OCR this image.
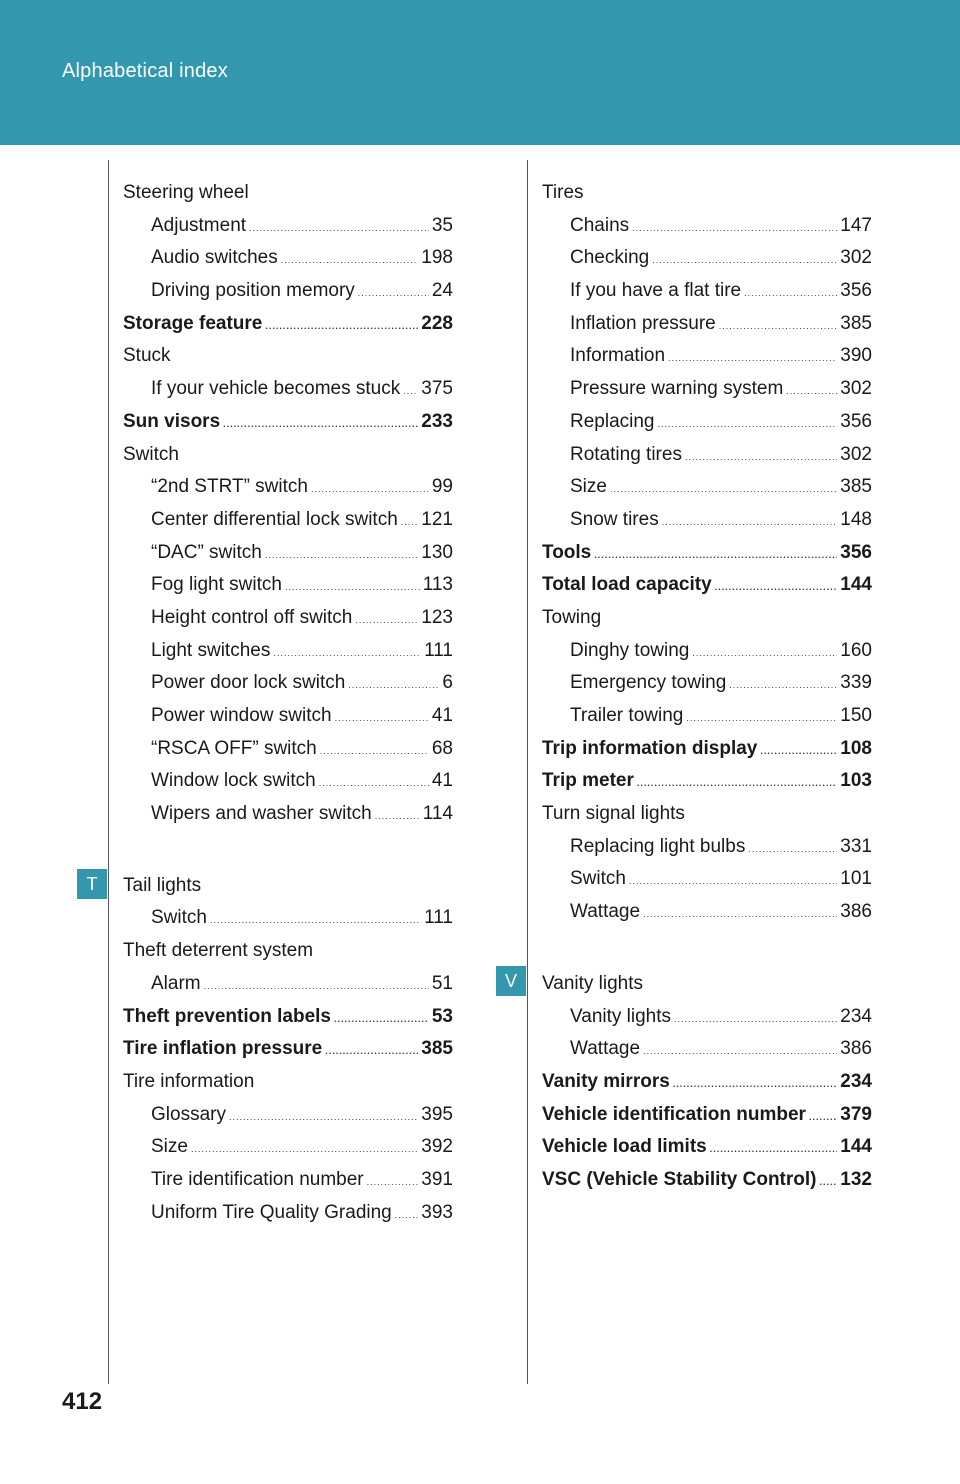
Alphabetical index
Steering wheel
Adjustment .....	35
Audio switches .....	198
Driving position memory .....	24
Storage feature .....	228
Stuck
If your vehicle becomes stuck ..... 375
Sun visors .....	233
Switch
“2nd STRT” switch .....	99
Center differential lock switch ..... 121
“DAC” switch .....	130
Fog light switch .....	113
Height control off switch .....	123
Light switches .....	111
Power door lock switch .....	6
Power window switch .....	41
“RSCA OFF” switch .....	68
Window lock switch .....	41
Wipers and washer switch .....	114
Tail lights
Switch .....	111
Theft deterrent system
Alarm .....	51
Theft prevention labels .....	53
Tire inflation pressure .....	385
Tire information
Glossary .....	395
Size .....	392
Tire identification number .....	391
Uniform Tire Quality Grading ..... 393
Tires
Chains .....	147
Checking .....	302
If you have a flat tire .....	356
Inflation pressure .....	385
Information .....	390
Pressure warning system .....	302
Replacing .....	356
Rotating tires .....	302
Size .....	385
Snow tires .....	148
Tools .....	356
Total load capacity .....	144
Towing
Dinghy towing .....	160
Emergency towing .....	339
Trailer towing .....	150
Trip information display .....	108
Trip meter .....	103
Turn signal lights
Replacing light bulbs .....	331
Switch .....	101
Wattage .....	386
Vanity lights
Vanity lights .....	234
Wattage .....	386
Vanity mirrors .....	234
Vehicle identification number ..... 379
Vehicle load limits .....	144
VSC (Vehicle Stability Control) ..... 132
T
V
412
